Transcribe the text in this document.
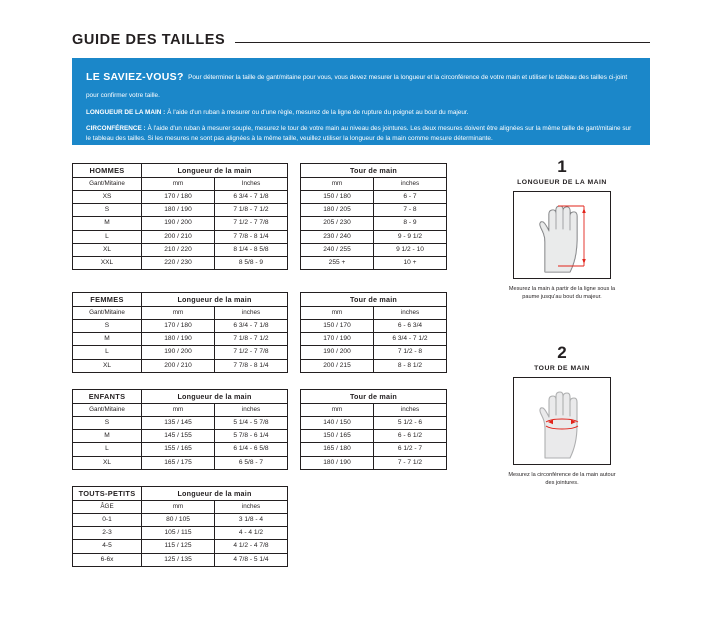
GUIDE DES TAILLES
LE SAVIEZ-VOUS? Pour déterminer la taille de gant/mitaine pour vous, vous devez mesurer la longueur et la circonférence de votre main et utiliser le tableau des tailles ci-joint pour confirmer votre taille.
LONGUEUR DE LA MAIN : À l'aide d'un ruban à mesurer ou d'une règle, mesurez de la ligne de rupture du poignet au bout du majeur.
CIRCONFÉRENCE : À l'aide d'un ruban à mesurer souple, mesurez le tour de votre main au niveau des jointures. Les deux mesures doivent être alignées sur la même taille de gant/mitaine sur le tableau des tailles. Si les mesures ne sont pas alignées à la même taille, veuillez utiliser la longueur de la main comme mesure déterminante.
HOMMES	Longueur de la main			Tour de main	
Gant/Mitaine	mm	Inches		mm	inches
XS	170 / 180	6 3/4 - 7 1/8		150 / 180	6 - 7
S	180 / 190	7 1/8 - 7 1/2		180 / 205	7 - 8
M	190 / 200	7 1/2 - 7 7/8		205 / 230	8 - 9
L	200 / 210	7 7/8 - 8 1/4		230 / 240	9 - 9 1/2
XL	210 / 220	8 1/4 - 8 5/8		240 / 255	9 1/2 - 10
XXL	220 / 230	8 5/8 - 9		255 +	10 +
FEMMES	Longueur de la main			Tour de main	
Gant/Mitaine	mm	inches		mm	inches
S	170 / 180	6 3/4 - 7 1/8		150 / 170	6 - 6 3/4
M	180 / 190	7 1/8 - 7 1/2		170 / 190	6 3/4 - 7 1/2
L	190 / 200	7 1/2 - 7 7/8		190 / 200	7 1/2 - 8
XL	200 / 210	7 7/8 - 8 1/4		200 / 215	8 - 8 1/2
ENFANTS	Longueur de la main			Tour de main	
Gant/Mitaine	mm	inches		mm	inches
S	135 / 145	5 1/4 - 5 7/8		140 / 150	5 1/2 - 6
M	145 / 155	5 7/8 - 6 1/4		150 / 165	6 - 6 1/2
L	155 / 165	6 1/4 - 6 5/8		165 / 180	6 1/2 - 7
XL	165 / 175	6 5/8 - 7		180 / 190	7 - 7 1/2
TOUTS-PETITS	Longueur de la main	
ÂGE	mm	inches
0-1	80 / 105	3 1/8 - 4
2-3	105 / 115	4 - 4 1/2
4-5	115 / 125	4 1/2 - 4 7/8
6-6x	125 / 135	4 7/8 - 5 1/4
1
LONGUEUR DE LA MAIN
Mesurez la main à partir de la ligne sous la paume jusqu'au bout du majeur.
2
TOUR DE MAIN
Mesurez la circonférence de la main autour des jointures.
